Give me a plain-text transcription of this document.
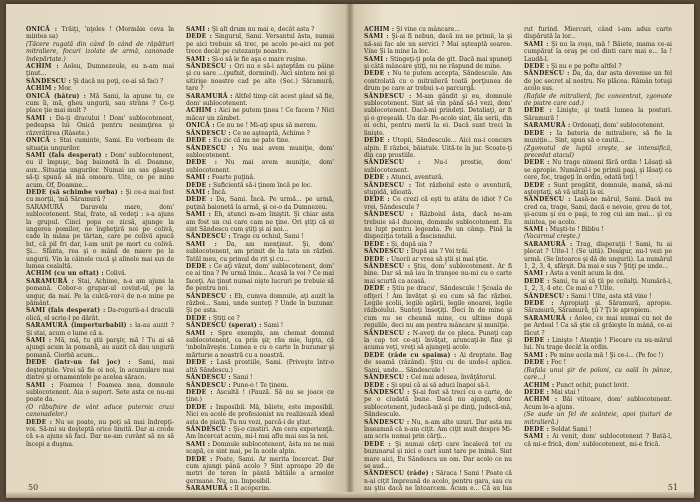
ONICĂ : Trăiţi, ’nţeles ! (Mormăie ceva în mintea sa)

(Tăcere rugată din când în când de răpăituri mitraliere, focuri izolate de armă, canonade îndepărtate.)

ACHIM : Aoleu, Dumnezeule, eu n-am mai ţinut...

SĂNDESCU : Şi dacă nu poţi, ce-ai să faci ?

ACHIM : Mor.

ONICĂ (hâtru) : Mă Sami, la apune tu, ce cum îi, mă, gheu ungurii, sau strâns ? Ce-ţi place ţie mai mult ?

SAMI : Da-ţi dracului ! Dom' sublocotenent, pedeapsa lui Onică pentru nesimţirea şi răzvrătirea (Râsete.)

ONICĂ : Stai cuminte, Sami. Eu vorbeam de situaţia ungurilor.

SAMI (fals desperat) : Dom' sublocotenent, eu il împuşc, bag baionetă în el. Doamne, aux...Situaţia ungurilor. Numai un sas găseşti să-ţi spună să mă omoare. Uite, ce pe mine acum. Of, Doamne...

DEDE (să schimbe vorba) : Şi ce-a mai fost cu morţii, 'mă Săramură ?

SARAMURĂ Daravela mare, dom' sublocotenent. Stai, frate, să vedeţi : s-a ajuns la grupul. Cinci popa ce zicsă, ajunge la ungerea pomilor, ne îngheţiră noi pe colivă, cade în mâna pe tărtan, care pe colivă apucă lut, că pil fri dar, l-am unit pe mort cu colivă. Şi... Sfânta, rea şi o mână de miere pe la ungurii. Vin la câinele cucă şi alinele mai sus de lumea cealaltă.

ACHIM (cu un oftat) : Colivă.

SARAMURĂ : Stai, Achime, n-a am ajuns la pomană. Cobor-o grupar-ul coviut-ul, pe la ungur, da mai. Pe la culcă-vor-i de n-o mine pe pământ.

SAMI (fals desperat) : Da-rogurii-a-l draculii olică, el scrie-l pe dărât.

SARAMURĂ (imperturbabil) : la-au auzit ? Şi stai, acum o lume că a.

SAMI : Mă, mă, tu ştii parşiv, mă ! Tu ai să ajungi acum la pomană, au auzit că dau ungurii pomană. Ciorbă acum...

DEDE (într-un fel joc) : Sami, mai deşteptule. Vrei să fie oi noi, în acumulare mai dintre şi ornamentele pe acelea sărace.

SAMI : Foamea ! Foamea mea, domnule sublocotenent. Aia o suport. Sete asta ce nu-mi poate da.

(O răbufnire de vânt aduce puternic cruzi canonadelor.)

DEDE : Nu se poate, nu poţi să mai îndrepţi-voi. Să-mi su deşteptă orice limită. Dar ai crede că s-a ajuns să faci. Dar ne-am cuvânt să nu să începi a duşma.

SAMI : Şi alt drum nu mai e, decât asta ?

DEDE : Singurul, Sami. Versantul ăsta, numai pe aici trebuie să trec, pe acolo pe-aici nu pot trece decât pe cutezanţe noastre.

SAMI : Şi-o să le fie aşa o mare ruşine.

SĂNDESCU : Ori nu e să-i aşteptăm cu pâine şi cu sare ...(pufnit, dormind). Aici sintem noi şi sitirişe noastre cad pe alte (Sec.) Săramură, tare ?

SARAMURĂ : Altfel timp cât acest gând să fie, dom' sublocotenent.

ACHIM : Aici ne putem ţinea ! Ce facem ? Nici măcar un zâmbet.

ONICĂ : Ce nu ne ! Mi-aţi spus să merem.

SĂNDESCU : Ce ne aşteaptă, Achime ?

DEDE : Eu zic că nu ne pate tine.

SĂNDESCU : Nu mai avem muniţie, dom' sublocotenent.

DEDE : Nu mai avem muniţie, dom' sublocotenent.

SAMI : Foarte puţină.

DEDE : Suficientă să-i ţinem încă pe loc.

SAMI : Încă.

DEDE : Da, Sami. Încă. Pe urmă... pe urmă, puţină baionetă la armă, şi ce-o da Dumnezeu.

SAMI : Eh, atunci m-am liniştit. Şi chiar asta am fost un cui care cam ne ţine. Ori ştiţi că ei sint Săndescu cum ştiţi şi ai noi...

SĂNDESCU : Trage cu ochiul, Sami !

SAMI : Da, am menţinut. Şi, dom' sublocotenent, am primit de la tata un război. Tatăl meu, cu primul de rit şi cu...

DEDE : Ce aţi văzut, dom' sublocotenent, dom' ce ai tina ? Pe urmă linia... Acasă la voi ? Ce mai faceţi. Au ţinut numai nişte lucruri pe trebuie să fie pentru noi.

SĂNDESCU : Eh, cumva domnule, aţi auzit la război... Sami, unde sunteţi ? Unde în buzunar. Şi pe asta.

DEDE : Ştiţi ce ?

SĂNDESCU (sperat) : Sami !

SAMI : Spre exemplu, am chemat domnul sublocotenent, ca prin şir, rău mie, lupta, că 'mbolnăveşte. Lumea e cu o carte în buzunar şi mărturie a noastră cu a noastră.

DEDE : Lasă prostiile, Sami. (Priveşte într-o altă Săndescu.)

SĂNDESCU : Sami !

SĂNDESCU : Pune-o ! Te ţinem.

DEDE : Ascultă ! (Pauză. Să nu se joace ce ţine.)

DEDE : Imposibil. Mă, băiete, este imposibil. Nici eu acele de profesionist nu realizează ideal asta de piaţă. Tu nu vezi, parcă-i de ştiut.

SĂNDESCU : Şi-o cinstiri. Am cera experienţă. Am încercat acum, mi-l mai aflu mai sus la noi.

SAMI : Domnule sublocotenent, ăsta nu ne mai scapă, ce sint mai, pe în acele alpin.

DEDE : Poate, Sami. Ar merita încercat. Dar cum ajungi până acolo ? Sint aproape 20 de metri de teren în pântă bătăile a armelor germane. Nu, nu. Imposibil.

SARAMURĂ : Il acoperim.

50

ACHIM : Şi vine cu mâncare...

SAMI : Şi-ai fi nebun, dacă nu ne primii, la şi nă-sai fac ale un servici ? Mai aşteaptă soaree. Vine Şi la mine la loc.

SAMI : Stingeţi-ţi pola de git. Dacă mai spuneţi şi câtă mâncare ştiţi, nu ne răspund de mine.

DEDE : Nu te putem accepta, Săndescule. Am controlată cu o mitralieră toată porţiunea de drum pe care ar trebui s-o parcurgă.

SĂNDESCU : M-am gândit şi eu, domnule sublocotenent. Sint să vin până să-l vezi, dom' sublocotenent. Dacă-mi prindeţi. Detaliaţi, ar fi şi o greşeală. Un dar. Pe-acolo sint, ăla serii, din ei ochi, pentru merii la ei. Dacă sunt treci în linişte.

DEDE : Utopii, Săndescule... Aici nu-i concurs alpin. E război, băiatule. Uită-te în jur. Scoate-ţi din cap prostiile.

SĂNDESCU : Nu-i prostie, dom' sublocotenent.

DEDE : Atunci, aventură.

SĂNDESCU : Tot războiul este o aventură, stupidă, idioată.

DEDE : Ce crezi că eşti tu atâta de idiot ? Ce vrei, Săndescule ?

SĂNDESCU : Războiul ăsta, dacă ne-am trebuie să-l ducem, domnule sublocotenent. Eu nu lupt pentru legenda. Pe un câmp. Pină la dispoziţia totală a fascismului.

DEDE : Şi, după aia ?

SĂNDESCU : După aia ? Voi trăi.

DEDE : Unorii ar vrea să ştii şi mai ştie.

SĂNDESCU : Ştiu, dom' sublocotenent. Ar fi bine. Dar să mă iau în tranşee nu-mi cu o carte mai scurtă ca acasă.

DEDE : Ştiu pe dracu', Săndescule ! Şcoala de ofiţeri ! Am învăţat şi eu cum să fac război. Legile şcolii, legile agării, legile onoarei, legile războiului. Sunteţi însoţiţi. Deci în de mine şi cum nu se cheamă mine, cu ultime după regulile, deci nu am pentru mâncare şi muniţie.

SĂNDESCU : N-aveţi de ce pleca. Puneţi cap la cap tot ce-aţi învăţat, aruncaţi-le fine şi acuma veţi, vreţi să ajungeţi acolo.

DEDE (râde cu spaima) : Ai dreptate. Bag de seamă (râzând). Ştiu cu de unde-l aplica. Sami, unde... Săndescule !

SĂNDESCU : Cel mai adesea, învăţătorul.

DEDE : Şi spui că ai să aduci înapoi să-l.

SĂNDESCU : Şi-ai fost să treci cu o carte, de pe o ciudată bune. Dacă nu ajungi, dom' sublocotenent, judecă-mă şi pe dinţi, judecă-mă, Săndescule.

SĂNDESCU : Nu, n-am alte uzuri. Dar asta nu înseamnă că n-am ciţit. Am ciţit mult despre Mi-am scris numai prin cărţi...

DEDE : Şi numai cărţi care încalecă tot cu buzunarul şi nici o cart sunt tare pe inimă. Sint mare aici, Eu Săndescu un om. Dar acolo ce nu se aud...

SĂNDESCU (râde) : Săraca ! Sami ! Poate că n-ai ciţit împreună de acolo, pentru gara, sau cu nu ştiu dacă ne întoarcem. Acum e... Că au lua

rut furind. Miercuri, când i-am adus carte dispărută la lor...

SAMI : Şi nu la roşu, mă ! Băiete, mama ce-ai cumpărat la oraş pe cel dinti care mai e... Ia ! Laudă-l.

DEDE : Şi nu e pe pofte altfel ?

SĂNDESCU : Da, da, dar asta devenise un fel de joc secret al nostru. Ne plăcea. Rămân totuşi acolo sus.

(Rafale de mitralieră, foc concentrat, zgomote de piatre care cad.)

DEDE : Linişte, şi toată lumea la posturi. Săramură !

SARAMURĂ : Ordonaţi, dom' sublocotenent.

DEDE : Ia bateria de mitraliere, să fie la muniţie... Sint, spun să o caută...

(Zgomotul de luptă creşte, se intensifică, precedat atacul)

DEDE : Nu trage nimeni fără ordin ! Lăsaţi să se apropie. Numărul-i pe primii paşi, şi lăsaţi ca cere, foc, trageţi în ordin, odată toţi !

DEDE : Sunt pregătit, domnule, mamă, să-mi aşteptaţi, să vă uitaţi la ei.

SĂNDESCU : Lasă-ne mărul, Sami. Dacă nu cred ca, trage, Sami, dacă e nevoie, greu de tot, şi-acum şi eu o paşi, te rog cui am mai... şi cu mintea, pe acolo.

SAMI : Muşti-te ! Bibbu !

(Vacarmul creşte.)

SARAMURĂ : Trag, disperaţii ! Sami, tu ai plecat ? Uite-l ! (Se uită). Desigur, nu-l vezi pe urmă. (Se întoarce şi dă de ungurii). La numărul 1, 2, 3, 4, sfârşit. Da mai e sus ? Ştiţi pe unde...

SAMI : Asta a venit acum la doi.

DEDE : Sami, tu ai să ţii pe ceilalţi. Numără-i, 1, 2, 3, 4 etc. Ce mai e ? Uite.

SĂNDESCU : Sami ! Uite, asta stă vine !

DEDE : Apropiaţi şi. Săramură, apropie. Săramură, Săramură, ţii ? Ţi le apropiem.

SARAMURĂ : Aoleo, ce mai numai cu noi de pe Ardeal ! Ca să ştie că grăieşte în mână, ce-ai făcut ?

DEDE : Linişte ! Atenţie ! Fiecare cu nu-mărul lui. Nu trage decât la ordin.

SAMI : Pe mine acela mă ! Şi ce-i... (Pe foc !)

DEDE : Foc !

(Rafala unui şir de poloni, cu oală în pânze, care...)

ACHIM : Punct ochit, punct lovit.

DEDE : Mai stai !

ACHIM : Băi viitoare, dom' sublocotenent. Acum le-a ajuns.

(Se aude un fel de scânteie, apoi ţiuituri de mitralieră.)

DEDE : Soldat Sami !

SAMI : Ai venit, dom' sublocotenent ? Bată-l, că mi-e frică, dom' sublocotenent, mi-e frică.

51
